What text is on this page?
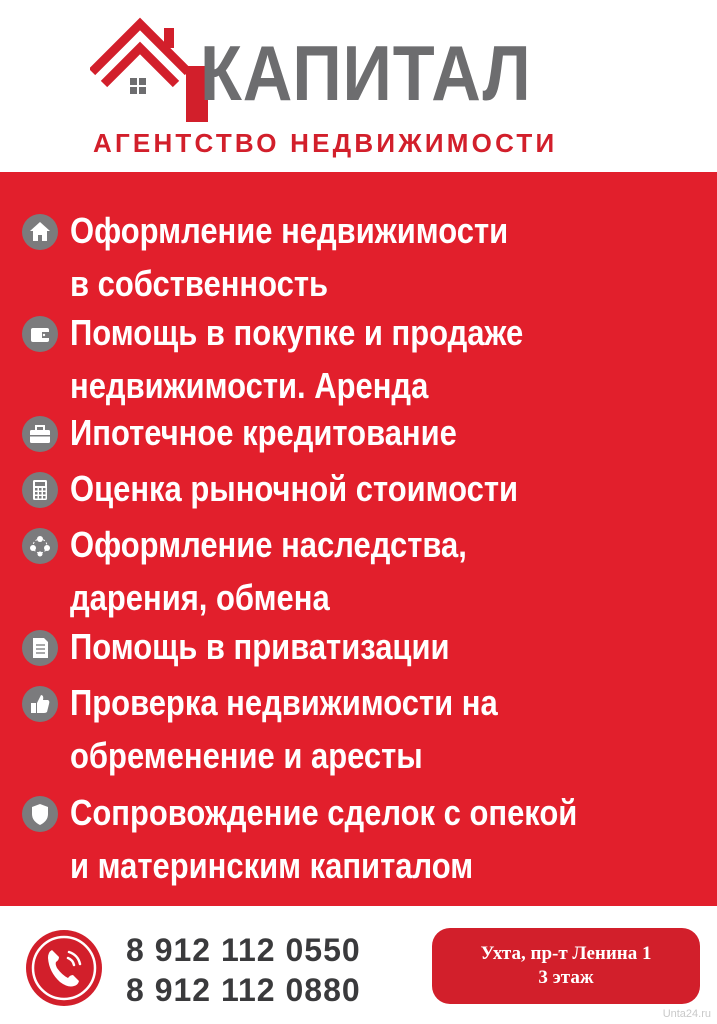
КАПИТАЛ
АГЕНТСТВО НЕДВИЖИМОСТИ
Оформление недвижимости
в собственность
Помощь в покупке и продаже
недвижимости. Аренда
Ипотечное кредитование
Оценка рыночной стоимости
Оформление наследства,
дарения, обмена
Помощь в приватизации
Проверка недвижимости на
обременение и аресты
Сопровождение сделок с опекой
и материнским капиталом
8 912 112 0550
8 912 112 0880
Ухта, пр-т Ленина 1
3 этаж
Unta24.ru
